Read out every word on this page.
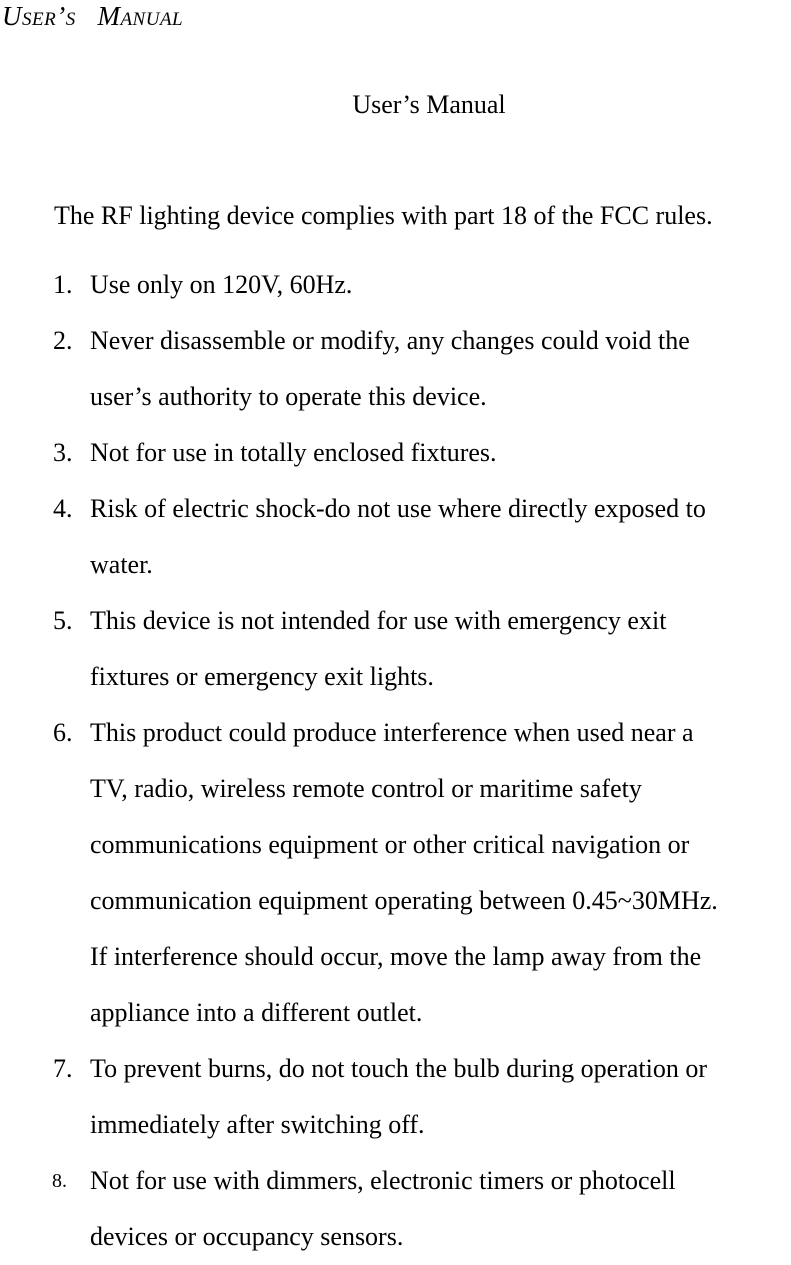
User’s   Manual
User’s Manual
The RF lighting device complies with part 18 of the FCC rules.
1. Use only on 120V, 60Hz.
2. Never disassemble or modify, any changes could void the
user’s authority to operate this device.
3. Not for use in totally enclosed fixtures.
4. Risk of electric shock-do not use where directly exposed to
water.
5. This device is not intended for use with emergency exit
fixtures or emergency exit lights.
6. This product could produce interference when used near a
TV, radio, wireless remote control or maritime safety
communications equipment or other critical navigation or
communication equipment operating between 0.45~30MHz.
If interference should occur, move the lamp away from the
appliance into a different outlet.
7. To prevent burns, do not touch the bulb during operation or
immediately after switching off.
8. Not for use with dimmers, electronic timers or photocell
devices or occupancy sensors.
